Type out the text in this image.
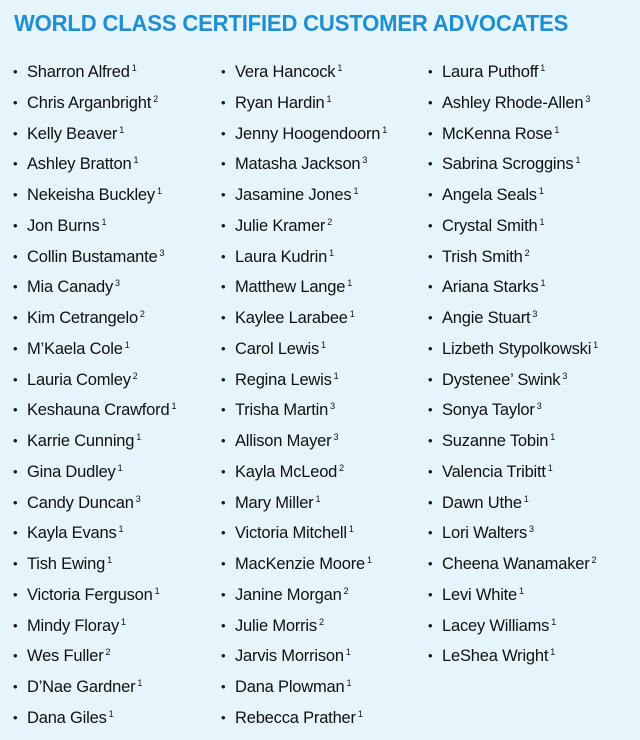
WORLD CLASS CERTIFIED CUSTOMER ADVOCATES
• Sharron Alfred $^1$
• Chris Arganbright $^2$
• Kelly Beaver $^1$
• Ashley Bratton $^1$
• Nekeisha Buckley $^1$
• Jon Burns $^1$
• Collin Bustamante $^3$
• Mia Canady $^3$
• Kim Cetrangelo $^2$
• M’Kaela Cole $^1$
• Lauria Comley $^2$
• Keshauna Crawford $^1$
• Karrie Cunning $^1$
• Gina Dudley $^1$
• Candy Duncan $^3$
• Kayla Evans $^1$
• Tish Ewing $^1$
• Victoria Ferguson $^1$
• Mindy Floray $^1$
• Wes Fuller $^2$
• D’Nae Gardner $^1$
• Dana Giles $^1$
• Vera Hancock $^1$
• Ryan Hardin $^1$
• Jenny Hoogendoorn $^1$
• Matasha Jackson $^3$
• Jasamine Jones $^1$
• Julie Kramer $^2$
• Laura Kudrin $^1$
• Matthew Lange $^1$
• Kaylee Larabee $^1$
• Carol Lewis $^1$
• Regina Lewis $^1$
• Trisha Martin $^3$
• Allison Mayer $^3$
• Kayla McLeod $^2$
• Mary Miller $^1$
• Victoria Mitchell $^1$
• MacKenzie Moore $^1$
• Janine Morgan $^2$
• Julie Morris $^2$
• Jarvis Morrison $^1$
• Dana Plowman $^1$
• Rebecca Prather $^1$
• Laura Puthoff $^1$
• Ashley Rhode-Allen $^3$
• McKenna Rose $^1$
• Sabrina Scroggins $^1$
• Angela Seals $^1$
• Crystal Smith $^1$
• Trish Smith $^2$
• Ariana Starks $^1$
• Angie Stuart $^3$
• Lizbeth Stypolkowski $^1$
• Dystenee’ Swink $^3$
• Sonya Taylor $^3$
• Suzanne Tobin $^1$
• Valencia Tribitt $^1$
• Dawn Uthe $^1$
• Lori Walters $^3$
• Cheena Wanamaker $^2$
• Levi White $^1$
• Lacey Williams $^1$
• LeShea Wright $^1$
